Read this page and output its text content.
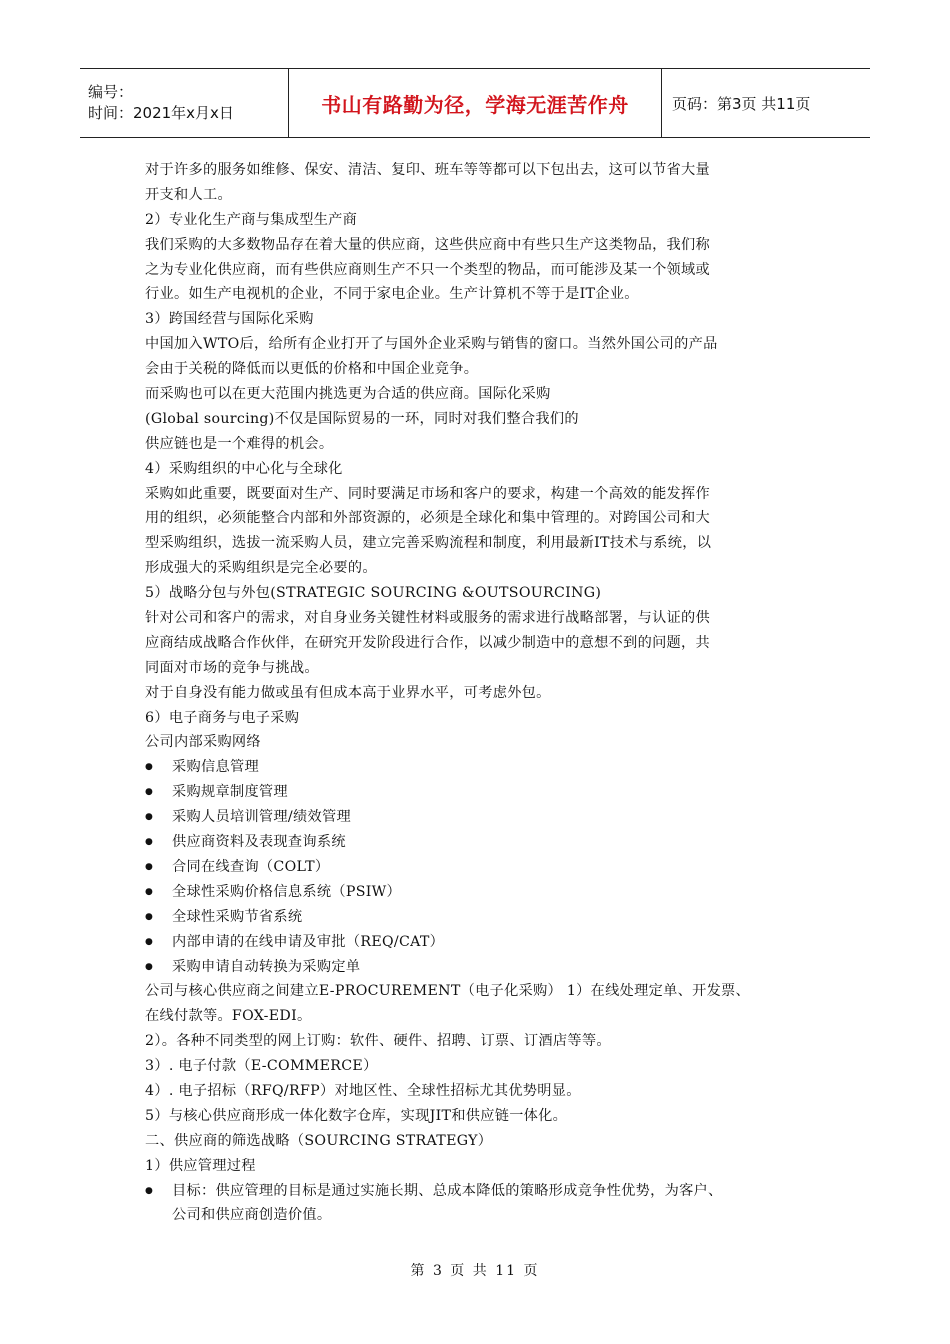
编号：
时间：2021年x月x日	书山有路勤为径，学海无涯苦作舟	页码：第3页 共11页
对于许多的服务如维修、保安、清洁、复印、班车等等都可以下包出去，这可以节省大量
开支和人工。
2）专业化生产商与集成型生产商
我们采购的大多数物品存在着大量的供应商，这些供应商中有些只生产这类物品，我们称
之为专业化供应商，而有些供应商则生产不只一个类型的物品，而可能涉及某一个领域或
行业。如生产电视机的企业，不同于家电企业。生产计算机不等于是IT企业。
3）跨国经营与国际化采购
中国加入WTO后，给所有企业打开了与国外企业采购与销售的窗口。当然外国公司的产品
会由于关税的降低而以更低的价格和中国企业竞争。
而采购也可以在更大范围内挑选更为合适的供应商。国际化采购
(Global sourcing)不仅是国际贸易的一环，同时对我们整合我们的
供应链也是一个难得的机会。
4）采购组织的中心化与全球化
采购如此重要，既要面对生产、同时要满足市场和客户的要求，构建一个高效的能发挥作
用的组织，必须能整合内部和外部资源的，必须是全球化和集中管理的。对跨国公司和大
型采购组织，选拔一流采购人员，建立完善采购流程和制度，利用最新IT技术与系统，以
形成强大的采购组织是完全必要的。
5）战略分包与外包(STRATEGIC SOURCING &OUTSOURCING)
针对公司和客户的需求，对自身业务关键性材料或服务的需求进行战略部署，与认证的供
应商结成战略合作伙伴，在研究开发阶段进行合作，以减少制造中的意想不到的问题，共
同面对市场的竞争与挑战。
对于自身没有能力做或虽有但成本高于业界水平，可考虑外包。
6）电子商务与电子采购
公司内部采购网络
● 采购信息管理
● 采购规章制度管理
● 采购人员培训管理/绩效管理
● 供应商资料及表现查询系统
● 合同在线查询（COLT）
● 全球性采购价格信息系统（PSIW）
● 全球性采购节省系统
● 内部申请的在线申请及审批（REQ/CAT）
● 采购申请自动转换为采购定单
公司与核心供应商之间建立E-PROCUREMENT（电子化采购） 1）在线处理定单、开发票、
在线付款等。FOX-EDI。
2）。各种不同类型的网上订购：软件、硬件、招聘、订票、订酒店等等。
3）. 电子付款（E-COMMERCE）
4）. 电子招标（RFQ/RFP）对地区性、全球性招标尤其优势明显。
5）与核心供应商形成一体化数字仓库，实现JIT和供应链一体化。
二、供应商的筛选战略（SOURCING STRATEGY）
1）供应管理过程
● 目标：供应管理的目标是通过实施长期、总成本降低的策略形成竞争性优势，为客户、
公司和供应商创造价值。
第 3 页 共 11 页
